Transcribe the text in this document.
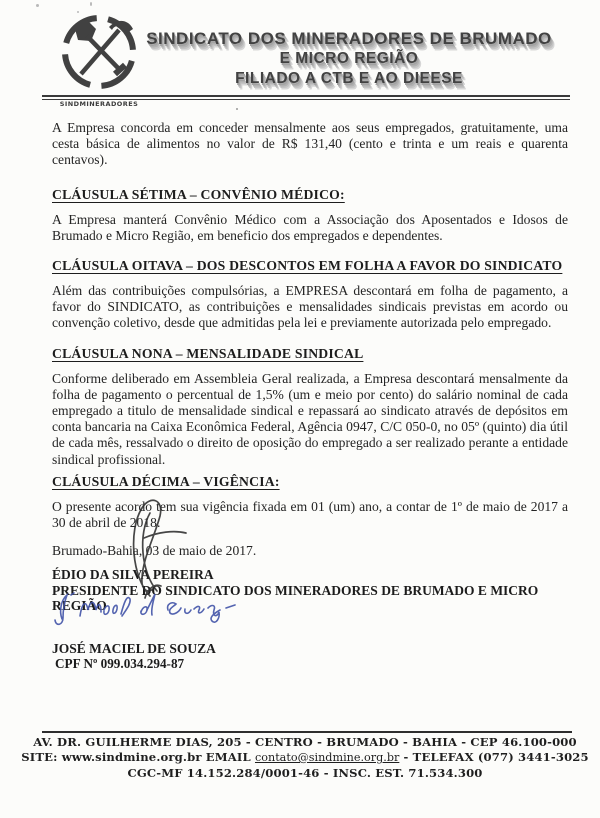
SINDMINERADORES
SINDICATO DOS MINERADORES DE BRUMADO
E MICRO REGIÃO
FILIADO A CTB E AO DIEESE

A Empresa concorda em conceder mensalmente aos seus empregados, gratuitamente, uma cesta básica de alimentos no valor de R$ 131,40 (cento e trinta e um reais e quarenta centavos).

CLÁUSULA SÉTIMA – CONVÊNIO MÉDICO:

A Empresa manterá Convênio Médico com a Associação dos Aposentados e Idosos de Brumado e Micro Região, em beneficio dos empregados e dependentes.

CLÁUSULA OITAVA – DOS DESCONTOS EM FOLHA A FAVOR DO SINDICATO

Além das contribuições compulsórias, a EMPRESA descontará em folha de pagamento, a favor do SINDICATO, as contribuições e mensalidades sindicais previstas em acordo ou convenção coletivo, desde que admitidas pela lei e previamente autorizada pelo empregado.

CLÁUSULA NONA – MENSALIDADE SINDICAL

Conforme deliberado em Assembleia Geral realizada, a Empresa descontará mensalmente da folha de pagamento o percentual de 1,5% (um e meio por cento) do salário nominal de cada empregado a titulo de mensalidade sindical e repassará ao sindicato através de depósitos em conta bancaria na Caixa Econômica Federal, Agência 0947, C/C 050-0, no 05º (quinto) dia útil de cada mês, ressalvado o direito de oposição do empregado a ser realizado perante a entidade sindical profissional.

CLÁUSULA DÉCIMA – VIGÊNCIA:

O presente acordo tem sua vigência fixada em 01 (um) ano, a contar de 1º de maio de 2017 a 30 de abril de 2018.

Brumado-Bahia, 03 de maio de 2017.

ÉDIO DA SILVA PEREIRA
PRESIDENTE DO SINDICATO DOS MINERADORES DE BRUMADO E MICRO REGIÃO
JOSÉ MACIEL DE SOUZA
CPF Nº 099.034.294-87
AV. DR. GUILHERME DIAS, 205 - CENTRO - BRUMADO - BAHIA - CEP 46.100-000
SITE: www.sindmine.org.br EMAIL contato@sindmine.org.br - TELEFAX (077) 3441-3025
CGC-MF 14.152.284/0001-46 - INSC. EST. 71.534.300
